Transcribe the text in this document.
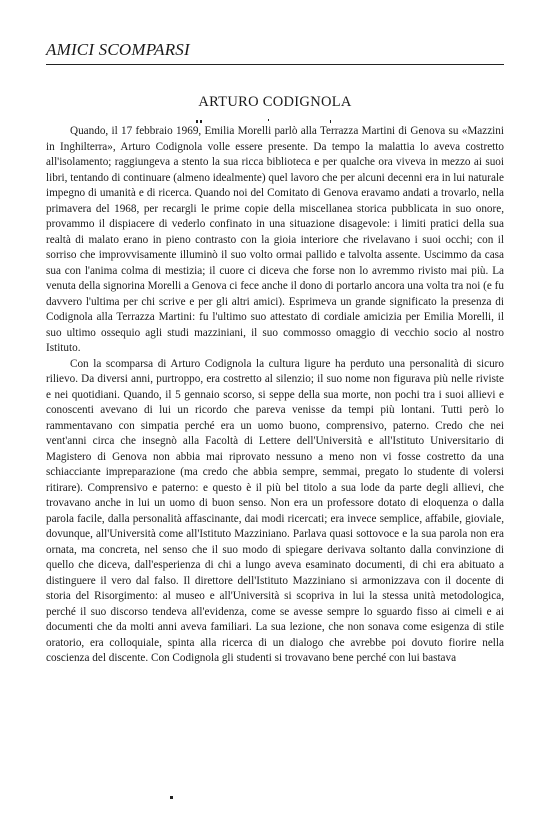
AMICI SCOMPARSI
ARTURO CODIGNOLA

Quando, il 17 febbraio 1969, Emilia Morelli parlò alla Terrazza Martini di Genova su «Mazzini in Inghilterra», Arturo Codignola volle essere presente. Da tempo la malattia lo aveva costretto all'isolamento; raggiungeva a stento la sua ricca biblioteca e per qualche ora viveva in mezzo ai suoi libri, tentando di continuare (almeno idealmente) quel lavoro che per alcuni decenni era in lui naturale impegno di umanità e di ricerca. Quando noi del Comitato di Genova eravamo andati a trovarlo, nella primavera del 1968, per recargli le prime copie della miscellanea storica pubblicata in suo onore, provammo il dispiacere di vederlo confinato in una situazione disagevole: i limiti pratici della sua realtà di malato erano in pieno contrasto con la gioia interiore che rivelavano i suoi occhi; con il sorriso che improvvisamente illuminò il suo volto ormai pallido e talvolta assente. Uscimmo da casa sua con l'anima colma di mestizia; il cuore ci diceva che forse non lo avremmo rivisto mai più. La venuta della signorina Morelli a Genova ci fece anche il dono di portarlo ancora una volta tra noi (e fu davvero l'ultima per chi scrive e per gli altri amici). Esprimeva un grande significato la presenza di Codignola alla Terrazza Martini: fu l'ultimo suo attestato di cordiale amicizia per Emilia Morelli, il suo ultimo ossequio agli studi mazziniani, il suo commosso omaggio di vecchio socio al nostro Istituto.

Con la scomparsa di Arturo Codignola la cultura ligure ha perduto una personalità di sicuro rilievo. Da diversi anni, purtroppo, era costretto al silenzio; il suo nome non figurava più nelle riviste e nei quotidiani. Quando, il 5 gennaio scorso, si seppe della sua morte, non pochi tra i suoi allievi e conoscenti avevano di lui un ricordo che pareva venisse da tempi più lontani. Tutti però lo rammentavano con simpatia perché era un uomo buono, comprensivo, paterno. Credo che nei vent'anni circa che insegnò alla Facoltà di Lettere dell'Università e all'Istituto Universitario di Magistero di Genova non abbia mai riprovato nessuno a meno non vi fosse costretto da una schiacciante impreparazione (ma credo che abbia sempre, semmai, pregato lo studente di volersi ritirare). Comprensivo e paterno: e questo è il più bel titolo a sua lode da parte degli allievi, che trovavano anche in lui un uomo di buon senso. Non era un professore dotato di eloquenza o dalla parola facile, dalla personalità affascinante, dai modi ricercati; era invece semplice, affabile, gioviale, dovunque, all'Università come all'Istituto Mazziniano. Parlava quasi sottovoce e la sua parola non era ornata, ma concreta, nel senso che il suo modo di spiegare derivava soltanto dalla convinzione di quello che diceva, dall'esperienza di chi a lungo aveva esaminato documenti, di chi era abituato a distinguere il vero dal falso. Il direttore dell'Istituto Mazziniano si armonizzava con il docente di storia del Risorgimento: al museo e all'Università si scopriva in lui la stessa unità metodologica, perché il suo discorso tendeva all'evidenza, come se avesse sempre lo sguardo fisso ai cimeli e ai documenti che da molti anni aveva familiari. La sua lezione, che non sonava come esigenza di stile oratorio, era colloquiale, spinta alla ricerca di un dialogo che avrebbe poi dovuto fiorire nella coscienza del discente. Con Codignola gli studenti si trovavano bene perché con lui bastava
